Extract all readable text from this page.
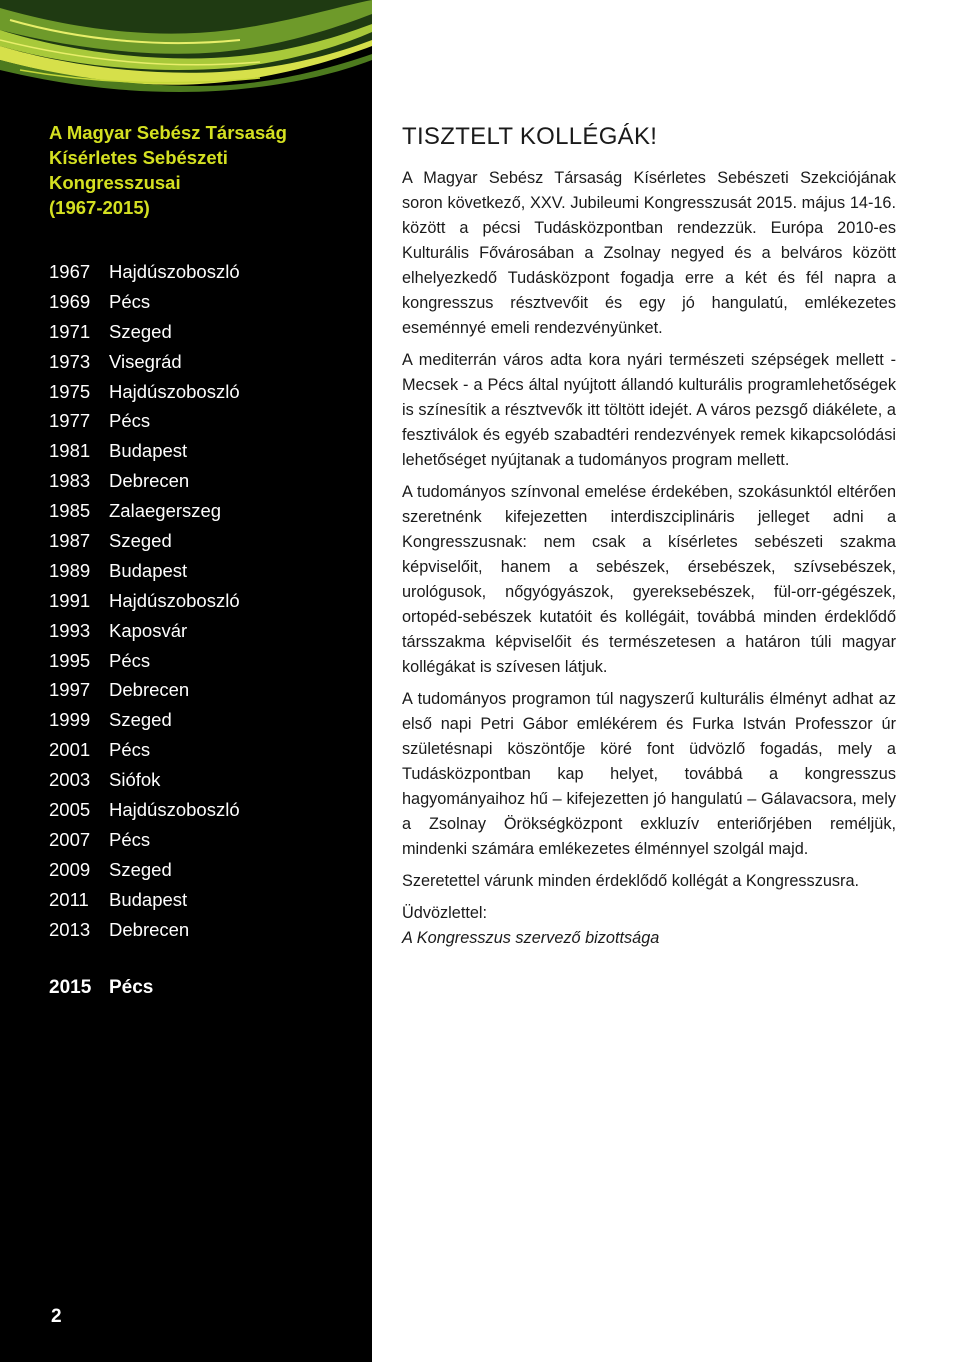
A Magyar Sebész Társaság
Kísérletes Sebészeti
Kongresszusai
(1967-2015)
1967 Hajdúszoboszló
1969 Pécs
1971 Szeged
1973 Visegrád
1975 Hajdúszoboszló
1977 Pécs
1981 Budapest
1983 Debrecen
1985 Zalaegerszeg
1987 Szeged
1989 Budapest
1991 Hajdúszoboszló
1993 Kaposvár
1995 Pécs
1997 Debrecen
1999 Szeged
2001 Pécs
2003 Siófok
2005 Hajdúszoboszló
2007 Pécs
2009 Szeged
2011 Budapest
2013 Debrecen
2015 Pécs
2
TISZTELT KOLLÉGÁK!

A Magyar Sebész Társaság Kísérletes Sebészeti Szekciójának soron következő, XXV. Jubileumi Kongresszusát 2015. május 14-16. között a pécsi Tudásközpontban rendezzük. Európa 2010-es Kulturális Fővárosában a Zsolnay negyed és a belváros között elhelyezkedő Tudásközpont fogadja erre a két és fél napra a kongresszus résztvevőit és egy jó hangulatú, emlékezetes eseménnyé emeli rendezvényünket.

A mediterrán város adta kora nyári természeti szépségek mellett - Mecsek - a Pécs által nyújtott állandó kulturális programlehetőségek is színesítik a résztvevők itt töltött idejét. A város pezsgő diákélete, a fesztiválok és egyéb szabadtéri rendezvények remek kikapcsolódási lehetőséget nyújtanak a tudományos program mellett.

A tudományos színvonal emelése érdekében, szokásunktól eltérően szeretnénk kifejezetten interdiszciplináris jelleget adni a Kongresszusnak: nem csak a kísérletes sebészeti szakma képviselőit, hanem a sebészek, érsebészek, szívsebészek, urológusok, nőgyógyászok, gyereksebészek, fül-orr-gégészek, ortopéd-sebészek kutatóit és kollégáit, továbbá minden érdeklődő társszakma képviselőit és természetesen a határon túli magyar kollégákat is szívesen látjuk.

A tudományos programon túl nagyszerű kulturális élményt adhat az első napi Petri Gábor emlékérem és Furka István Professzor úr születésnapi köszöntője köré font üdvözlő fogadás, mely a Tudásközpontban kap helyet, továbbá a kongresszus hagyományaihoz hű – kifejezetten jó hangulatú – Gálavacsora, mely a Zsolnay Örökségközpont exkluzív enteriőrjében reméljük, mindenki számára emlékezetes élménnyel szolgál majd.

Szeretettel várunk minden érdeklődő kollégát a Kongresszusra.

Üdvözlettel:

A Kongresszus szervező bizottsága
